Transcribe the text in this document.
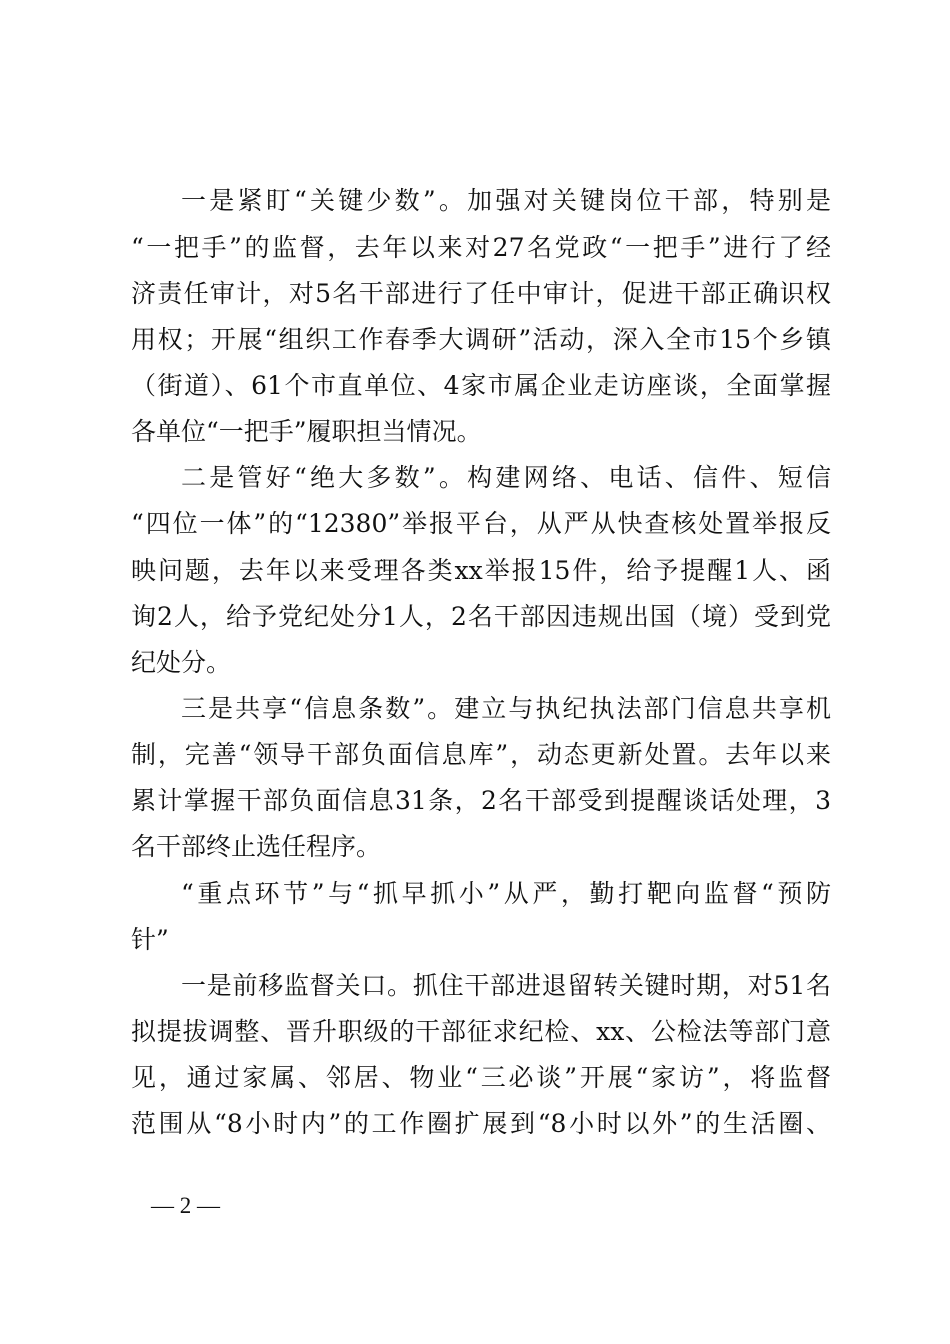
一是紧盯“关键少数”。加强对关键岗位干部，特别是
“一把手”的监督，去年以来对27名党政“一把手”进行了经
济责任审计，对5名干部进行了任中审计，促进干部正确识权
用权；开展“组织工作春季大调研”活动，深入全市15个乡镇
（街道）、61个市直单位、4家市属企业走访座谈，全面掌握
各单位“一把手”履职担当情况。
二是管好“绝大多数”。构建网络、电话、信件、短信
“四位一体”的“12380”举报平台，从严从快查核处置举报反
映问题，去年以来受理各类xx举报15件，给予提醒1人、函
询2人，给予党纪处分1人，2名干部因违规出国（境）受到党
纪处分。
三是共享“信息条数”。建立与执纪执法部门信息共享机
制，完善“领导干部负面信息库”，动态更新处置。去年以来
累计掌握干部负面信息31条，2名干部受到提醒谈话处理，3
名干部终止选任程序。
“重点环节”与“抓早抓小”从严，勤打靶向监督“预防
针”
一是前移监督关口。抓住干部进退留转关键时期，对51名
拟提拔调整、晋升职级的干部征求纪检、xx、公检法等部门意
见，通过家属、邻居、物业“三必谈”开展“家访”，将监督
范围从“8小时内”的工作圈扩展到“8小时以外”的生活圈、
— 2 —
